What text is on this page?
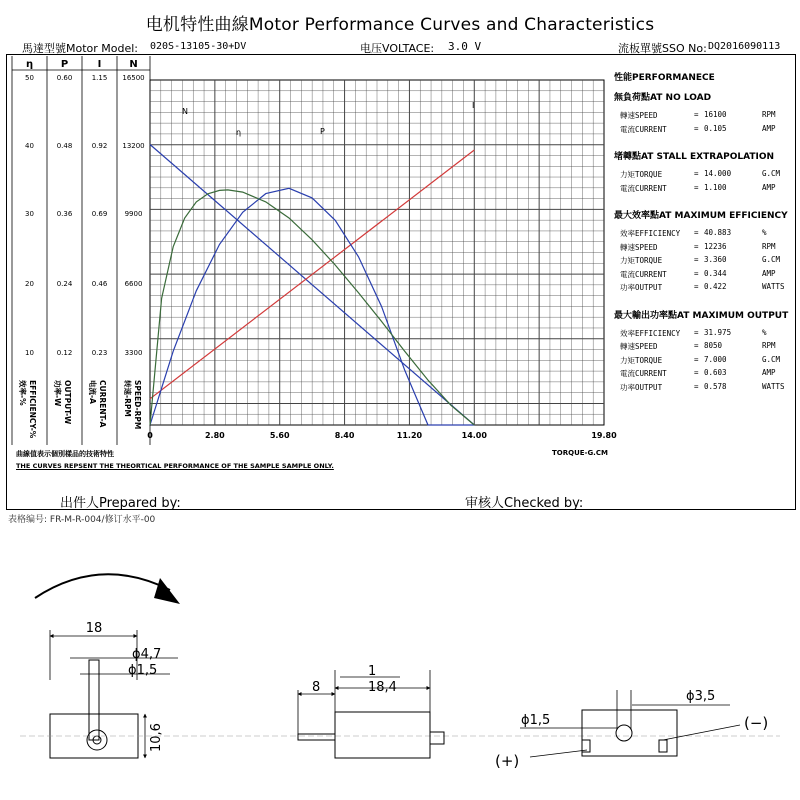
电机特性曲線Motor Performance Curves and Characteristics
馬達型號Motor Model: 020S-13105-30+DV	电压VOLTACE: 3.0 V	流板單號SSO No: DQ2016090113
η
50
40
30
20
10
效率-% EFFICIENCY-%
P
0.60
0.48
0.36
0.24
0.12
功率-W OUTPUT-W
I
1.15
0.92
0.69
0.46
0.23
电流-A CURRENT-A
N
16500
13200
9900
6600
3300
转速-RPM SPEED-RPM
N
I
P
η
0	2.80	5.60	8.40	11.20	14.00	19.80
TORQUE-G.CM
曲線值表示個別樣品的技術特性
THE CURVES REPSENT THE THEORTICAL PERFORMANCE OF THE SAMPLE SAMPLE ONLY.
性能PERFORMANECE
無負荷點AT NO LOAD
轉速SPEED	= 16100	RPM
電流CURRENT	= 0.105	AMP
堵轉點AT STALL EXTRAPOLATION
力矩TORQUE	= 14.000	G.CM
電流CURRENT	= 1.100	AMP
最大效率點AT MAXIMUM EFFICIENCY
效率EFFICIENCY = 40.883	%
轉速SPEED	= 12236	RPM
力矩TORQUE	= 3.360	G.CM
電流CURRENT	= 0.344	AMP
功率OUTPUT	= 0.422	WATTS
最大輸出功率點AT MAXIMUM OUTPUT
效率EFFICIENCY = 31.975	%
轉速SPEED	= 8050	RPM
力矩TORQUE	= 7.000	G.CM
電流CURRENT	= 0.603	AMP
功率OUTPUT	= 0.578	WATTS
出件人Prepared by:	审核人Checked by:
表格编号: FR-M-R-004/修订水平-00
18
ϕ4,7
ϕ1,5
10,6
1
8	18,4
ϕ3,5
ϕ1,5
(+)
(−)
